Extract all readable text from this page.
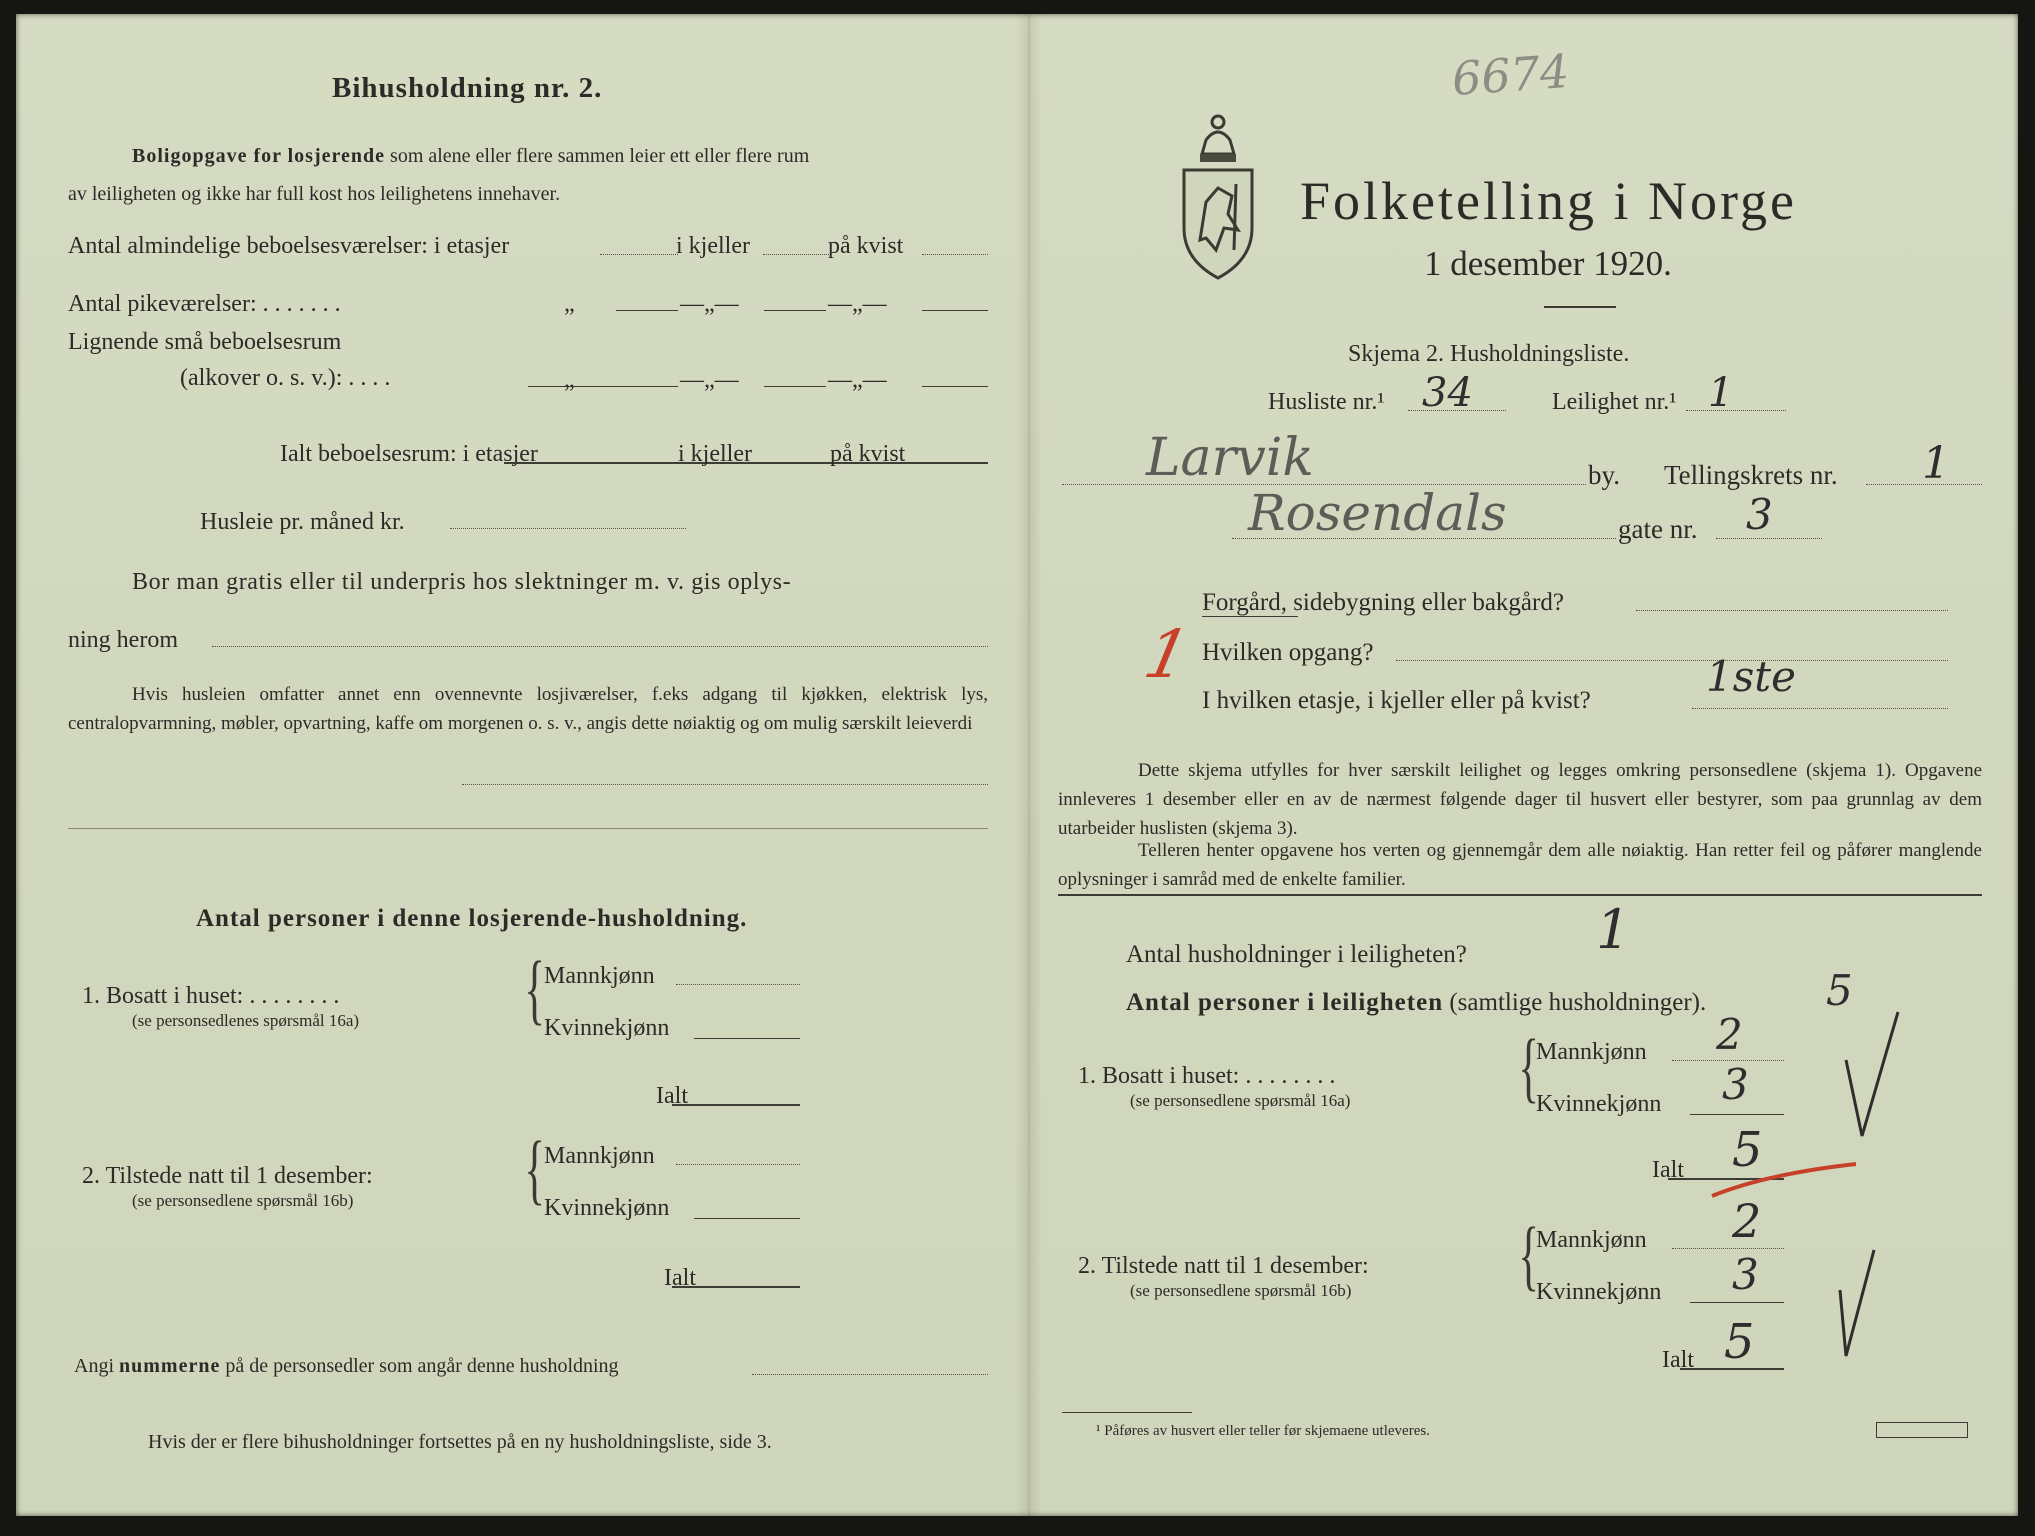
Bihusholdning nr. 2.
Boligopgave for losjerende som alene eller flere sammen leier ett eller flere rum
av leiligheten og ikke har full kost hos leilighetens innehaver.
Antal almindelige beboelsesværelser: i etasjer	i kjeller	på kvist
Antal pikeværelser: . . . . . . .	„	—„—	—„—
Lignende små beboelsesrum
(alkover o. s. v.): . . . .	„	—„—	—„—
Ialt beboelsesrum: i etasjer	i kjeller	på kvist
Husleie pr. måned kr.
Bor man gratis eller til underpris hos slektninger m. v. gis oplys-
ning herom
Hvis husleien omfatter annet enn ovennevnte losjiværelser, f.eks adgang til kjøkken, elektrisk lys, centralopvarmning, møbler, opvartning, kaffe om morgenen o. s. v., angis dette nøiaktig og om mulig særskilt leieverdi
Antal personer i denne losjerende-husholdning.
1. Bosatt i huset: . . . . . . . .
(se personsedlenes spørsmål 16a) {
Mannkjønn
Kvinnekjønn
Ialt
2. Tilstede natt til 1 desember:
(se personsedlene spørsmål 16b) {
Mannkjønn
Kvinnekjønn
Ialt
Angi nummerne på de personsedler som angår denne husholdning
Hvis der er flere bihusholdninger fortsettes på en ny husholdningsliste, side 3.
6674
Folketelling i Norge
1 desember 1920.
Skjema 2. Husholdningsliste.
Husliste nr.¹ 34	Leilighet nr.¹ 1
Larvik	by. Tellingskrets nr. 1
Rosendals	gate nr. 3
Forgård, sidebygning eller bakgård?
1 Hvilken opgang?
I hvilken etasje, i kjeller eller på kvist?	1ste
Dette skjema utfylles for hver særskilt leilighet og legges omkring personsedlene (skjema 1). Opgavene innleveres 1 desember eller en av de nærmest følgende dager til husvert eller bestyrer, som paa grunnlag av dem utarbeider huslisten (skjema 3).
Telleren henter opgavene hos verten og gjennemgår dem alle nøiaktig. Han retter feil og påfører manglende oplysninger i samråd med de enkelte familier.
Antal husholdninger i leiligheten? 1
Antal personer i leiligheten (samtlige husholdninger).	5
1. Bosatt i huset: . . . . . . . .
(se personsedlene spørsmål 16a) {
Mannkjønn 2
Kvinnekjønn 3
Ialt 5
2. Tilstede natt til 1 desember:
(se personsedlene spørsmål 16b) {
Mannkjønn 2
Kvinnekjønn 3
Ialt 5
¹ Påføres av husvert eller teller før skjemaene utleveres.
